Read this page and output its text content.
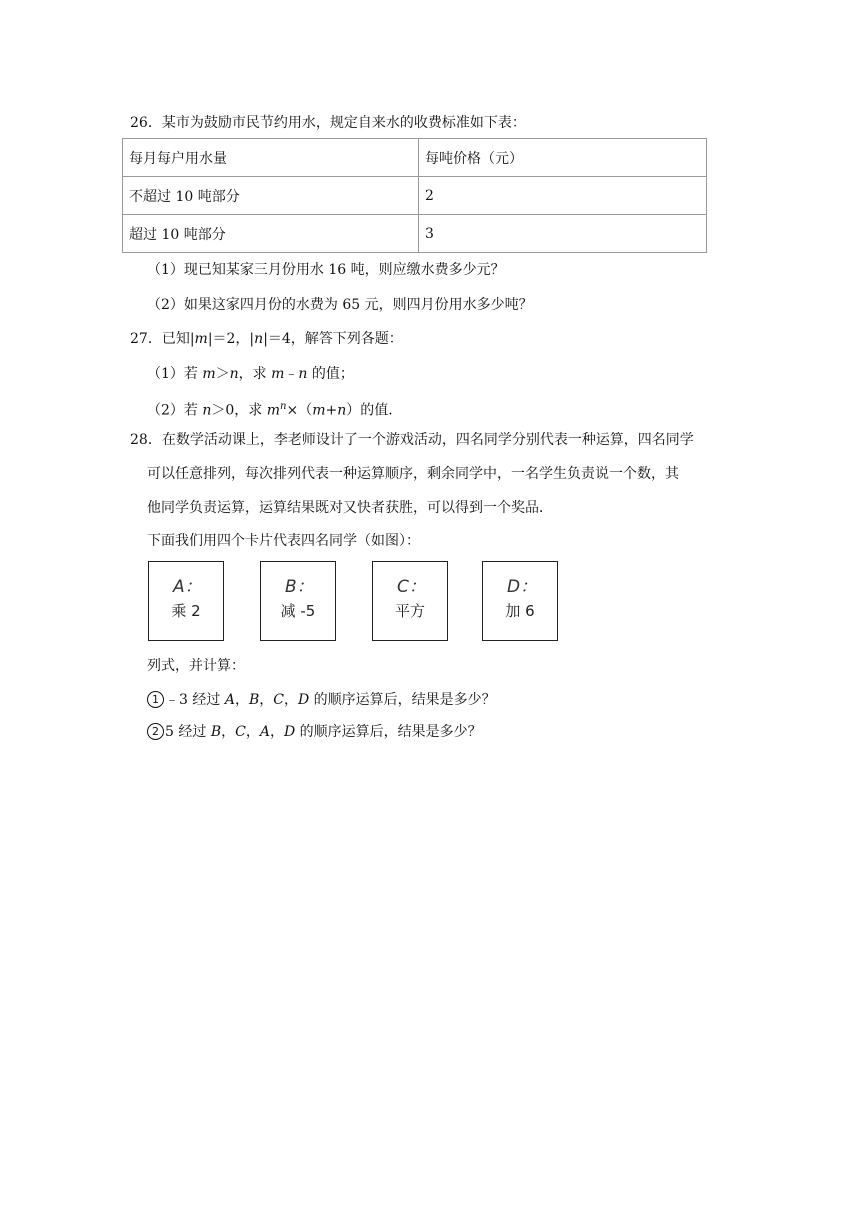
26．某市为鼓励市民节约用水，规定自来水的收费标准如下表：
每月每户用水量	每吨价格（元）
不超过 10 吨部分	2
超过 10 吨部分	3
（1）现已知某家三月份用水 16 吨，则应缴水费多少元？
（2）如果这家四月份的水费为 65 元，则四月份用水多少吨？
27．已知|m|＝2，|n|＝4，解答下列各题：
（1）若 m＞n，求 m﹣n 的值；
（2）若 n＞0，求 $m^n\times(m+n)$的值．
28．在数学活动课上，李老师设计了一个游戏活动，四名同学分别代表一种运算，四名同学
可以任意排列，每次排列代表一种运算顺序，剩余同学中，一名学生负责说一个数，其
他同学负责运算，运算结果既对又快者获胜，可以得到一个奖品．
下面我们用四个卡片代表四名同学（如图）：
A：
乘 2
B：
减 -5
C：
平方
D：
加 6
列式，并计算：
1 ﹣3 经过 A，B，C，D 的顺序运算后，结果是多少？
2 5 经过 B，C，A，D 的顺序运算后，结果是多少？
